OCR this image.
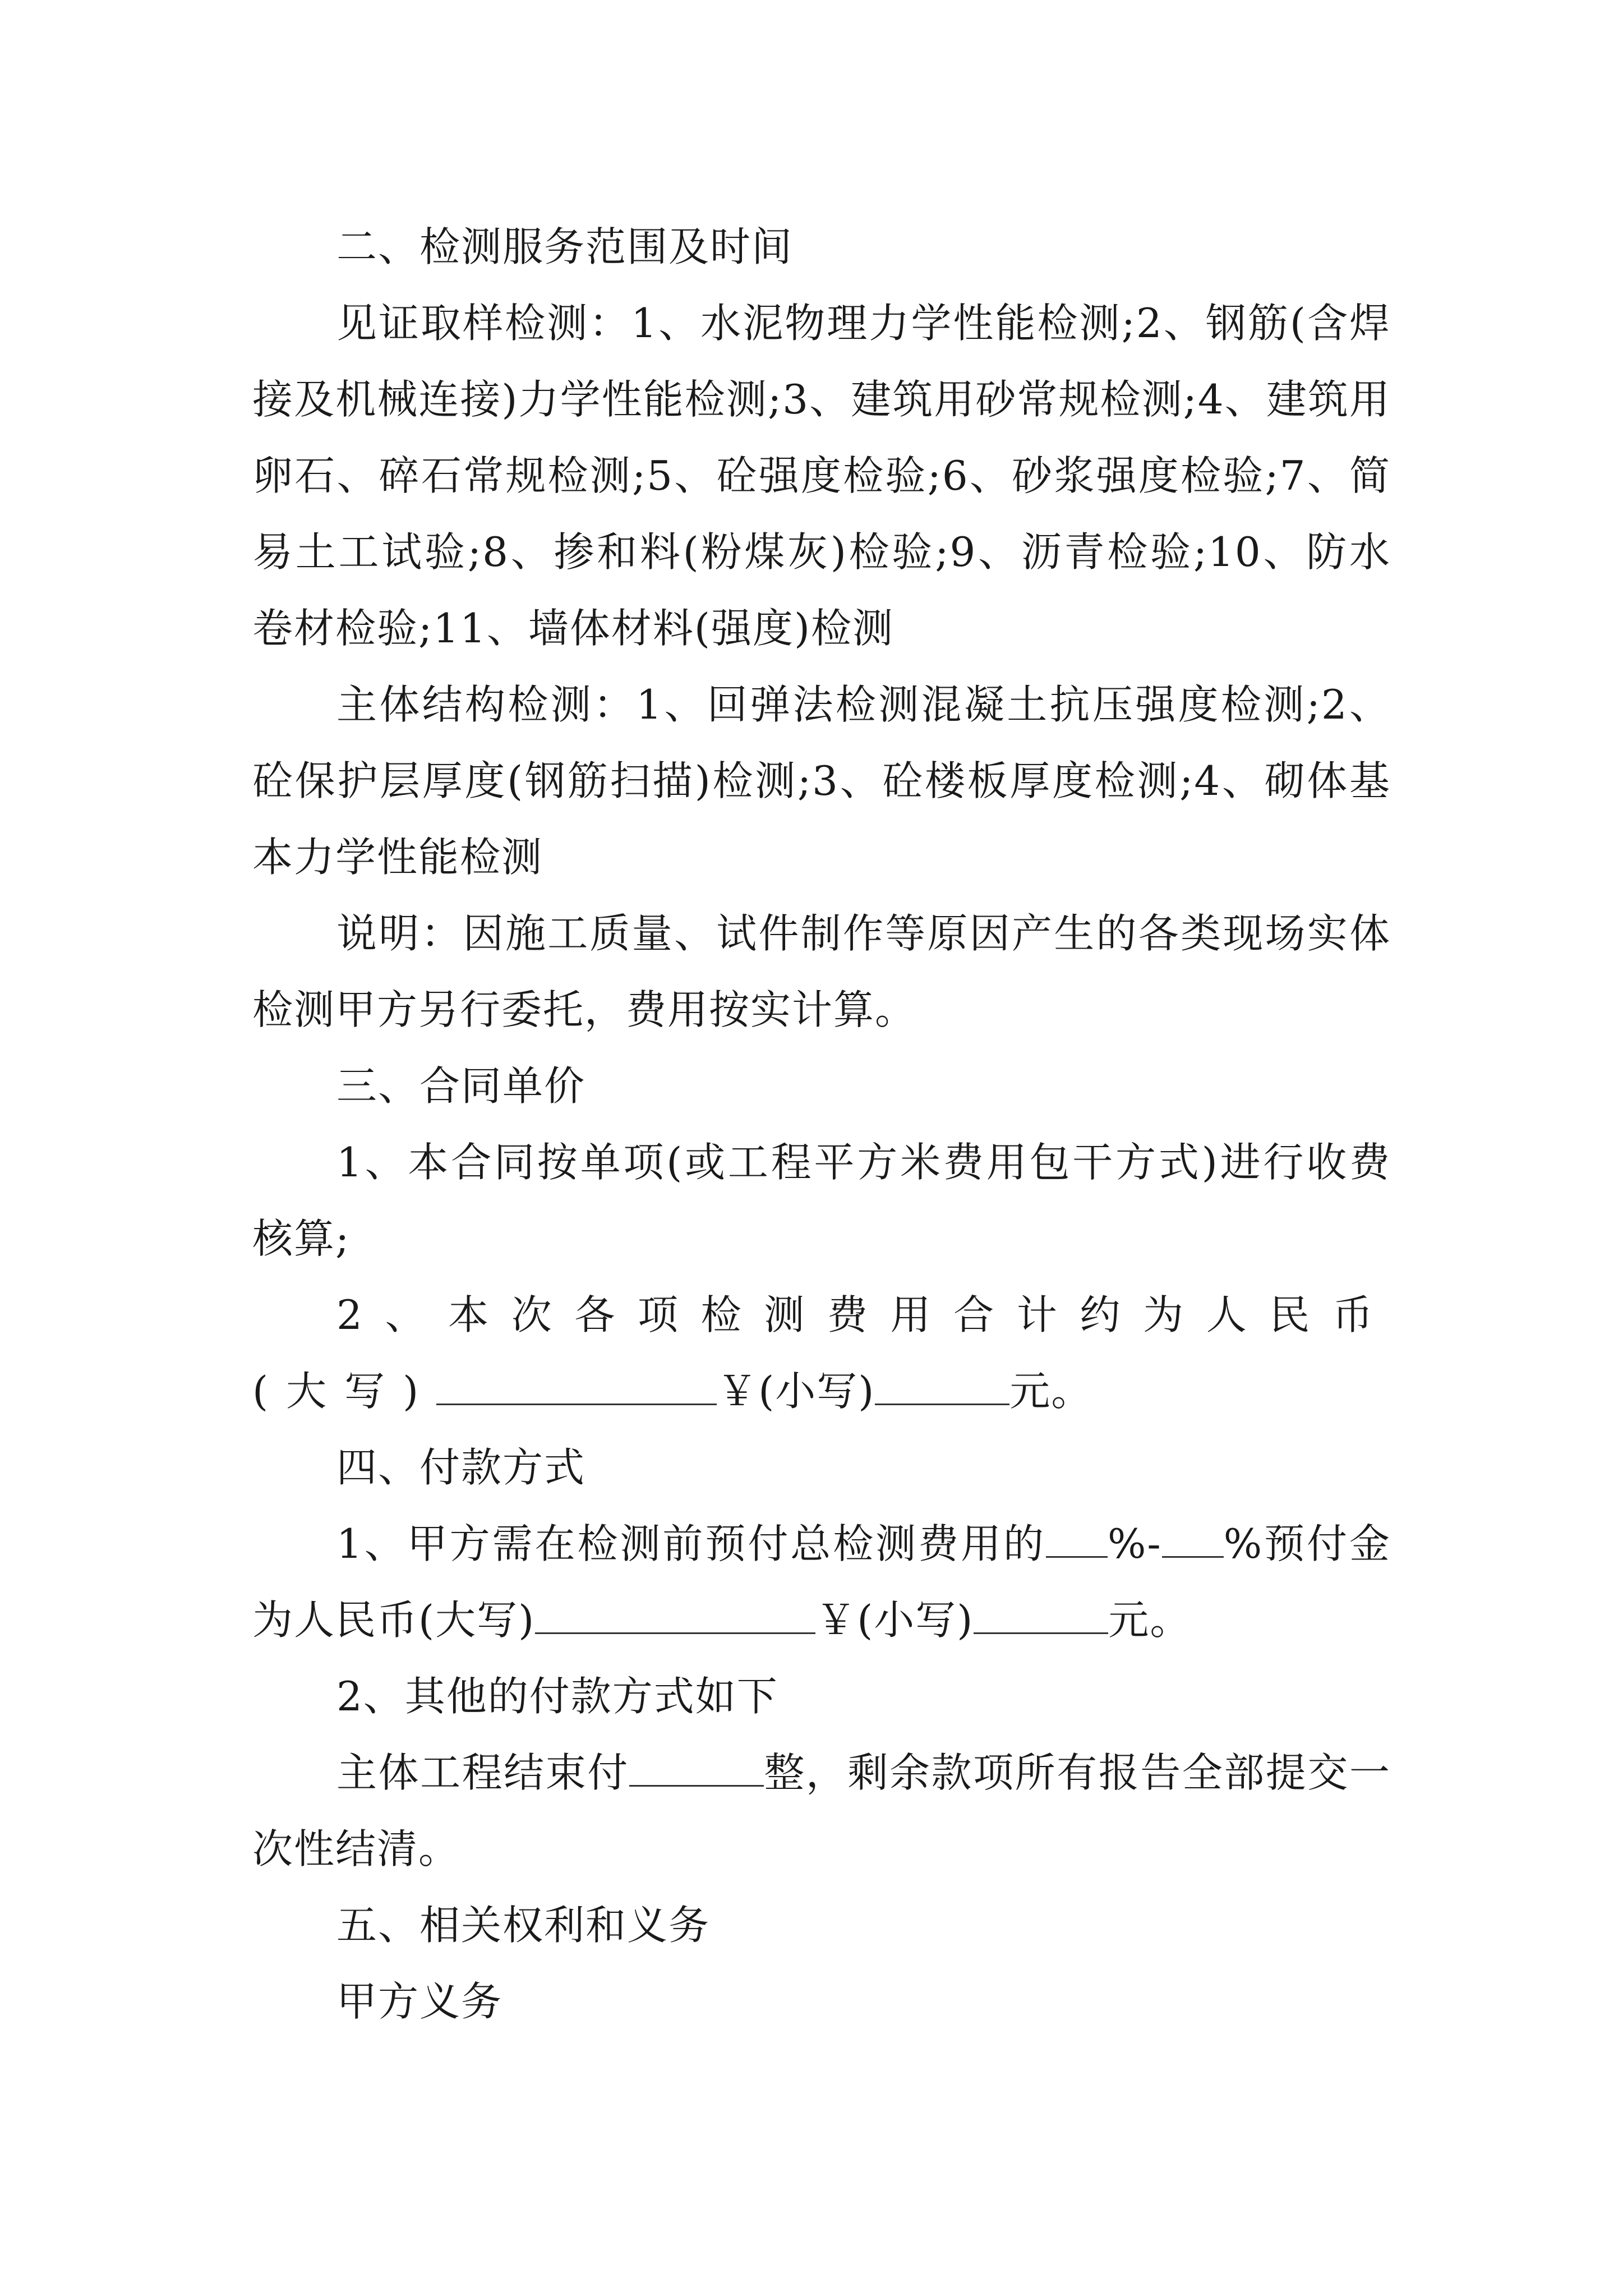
二、检测服务范围及时间

见证取样检测：1、水泥物理力学性能检测;2、钢筋(含焊接及机械连接)力学性能检测;3、建筑用砂常规检测;4、建筑用卵石、碎石常规检测;5、砼强度检验;6、砂浆强度检验;7、简易土工试验;8、掺和料(粉煤灰)检验;9、沥青检验;10、防水卷材检验;11、墙体材料(强度)检测

主体结构检测：1、回弹法检测混凝土抗压强度检测;2、砼保护层厚度(钢筋扫描)检测;3、砼楼板厚度检测;4、砌体基本力学性能检测

说明：因施工质量、试件制作等原因产生的各类现场实体检测甲方另行委托，费用按实计算。

三、合同单价

1、本合同按单项(或工程平方米费用包干方式)进行收费核算;

2、本次各项检测费用合计约为人民币(大写)	￥(小写)	元。

四、付款方式

1、甲方需在检测前预付总检测费用的 %- %预付金为人民币(大写)	￥(小写)	元。

2、其他的付款方式如下

主体工程结束付	整，剩余款项所有报告全部提交一次性结清。

五、相关权利和义务

甲方义务
